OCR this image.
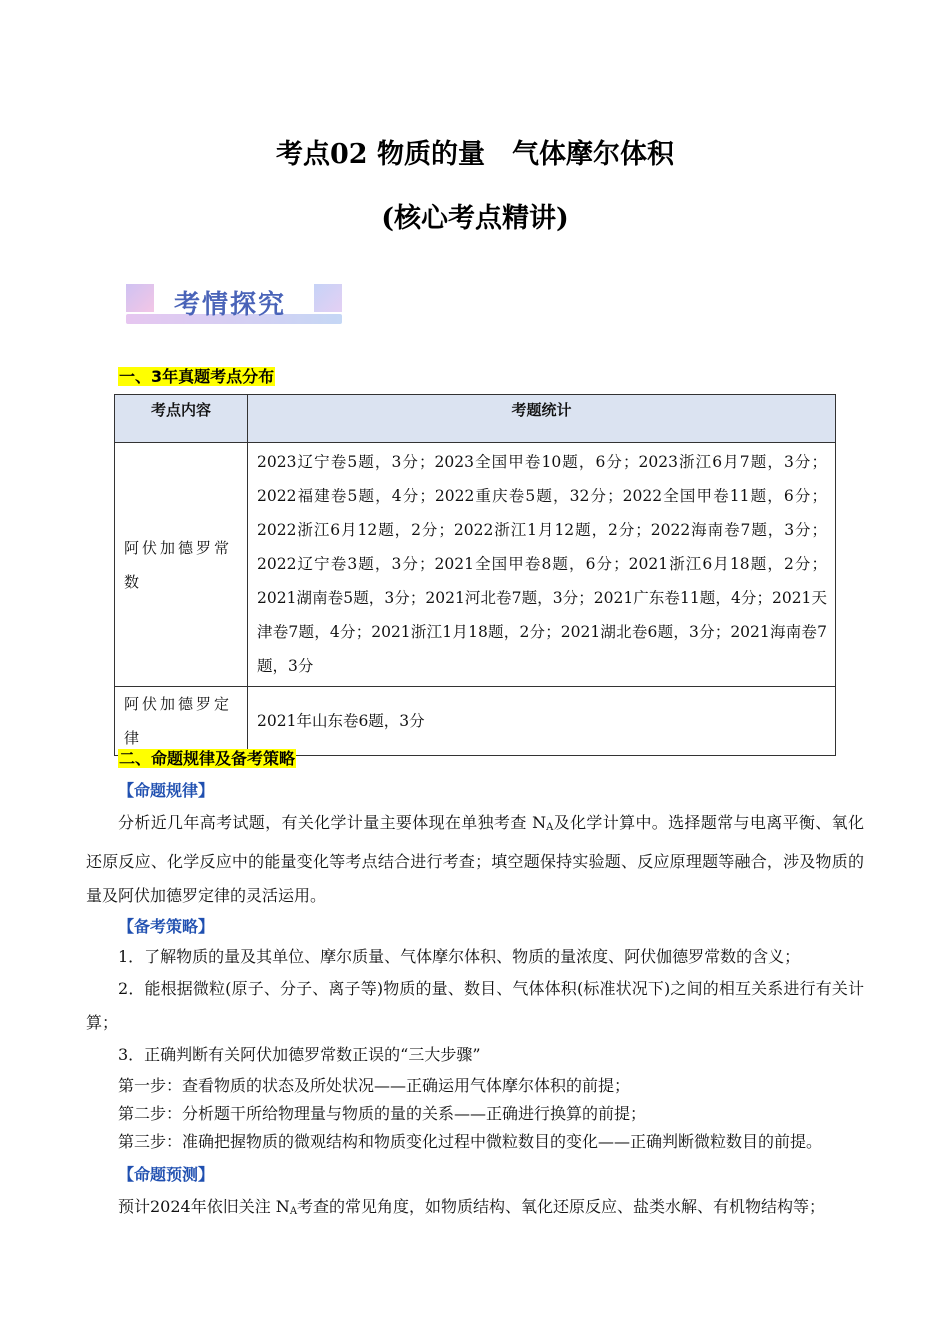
考点02 物质的量　气体摩尔体积
(核心考点精讲)
考情探究
一、3年真题考点分布
考点内容	考题统计
阿伏加德罗常数	2023辽宁卷5题，3分；2023全国甲卷10题，6分；2023浙江6月7题，3分；2022福建卷5题，4分；2022重庆卷5题，32分；2022全国甲卷11题，6分；2022浙江6月12题，2分；2022浙江1月12题，2分；2022海南卷7题，3分；2022辽宁卷3题，3分；2021全国甲卷8题，6分；2021浙江6月18题，2分；2021湖南卷5题，3分；2021河北卷7题，3分；2021广东卷11题，4分；2021天津卷7题，4分；2021浙江1月18题，2分；2021湖北卷6题，3分；2021海南卷7题，3分
阿伏加德罗定律	2021年山东卷6题，3分
二、命题规律及备考策略
【命题规律】
分析近几年高考试题，有关化学计量主要体现在单独考查 $N_A$及化学计算中。选择题常与电离平衡、氧化还原反应、化学反应中的能量变化等考点结合进行考查；填空题保持实验题、反应原理题等融合，涉及物质的量及阿伏加德罗定律的灵活运用。
【备考策略】
1．了解物质的量及其单位、摩尔质量、气体摩尔体积、物质的量浓度、阿伏伽德罗常数的含义；
2．能根据微粒(原子、分子、离子等)物质的量、数目、气体体积(标准状况下)之间的相互关系进行有关计算；
3．正确判断有关阿伏加德罗常数正误的“三大步骤”
第一步：查看物质的状态及所处状况——正确运用气体摩尔体积的前提；
第二步：分析题干所给物理量与物质的量的关系——正确进行换算的前提；
第三步：准确把握物质的微观结构和物质变化过程中微粒数目的变化——正确判断微粒数目的前提。
【命题预测】
预计2024年依旧关注 $N_A$考查的常见角度，如物质结构、氧化还原反应、盐类水解、有机物结构等；
